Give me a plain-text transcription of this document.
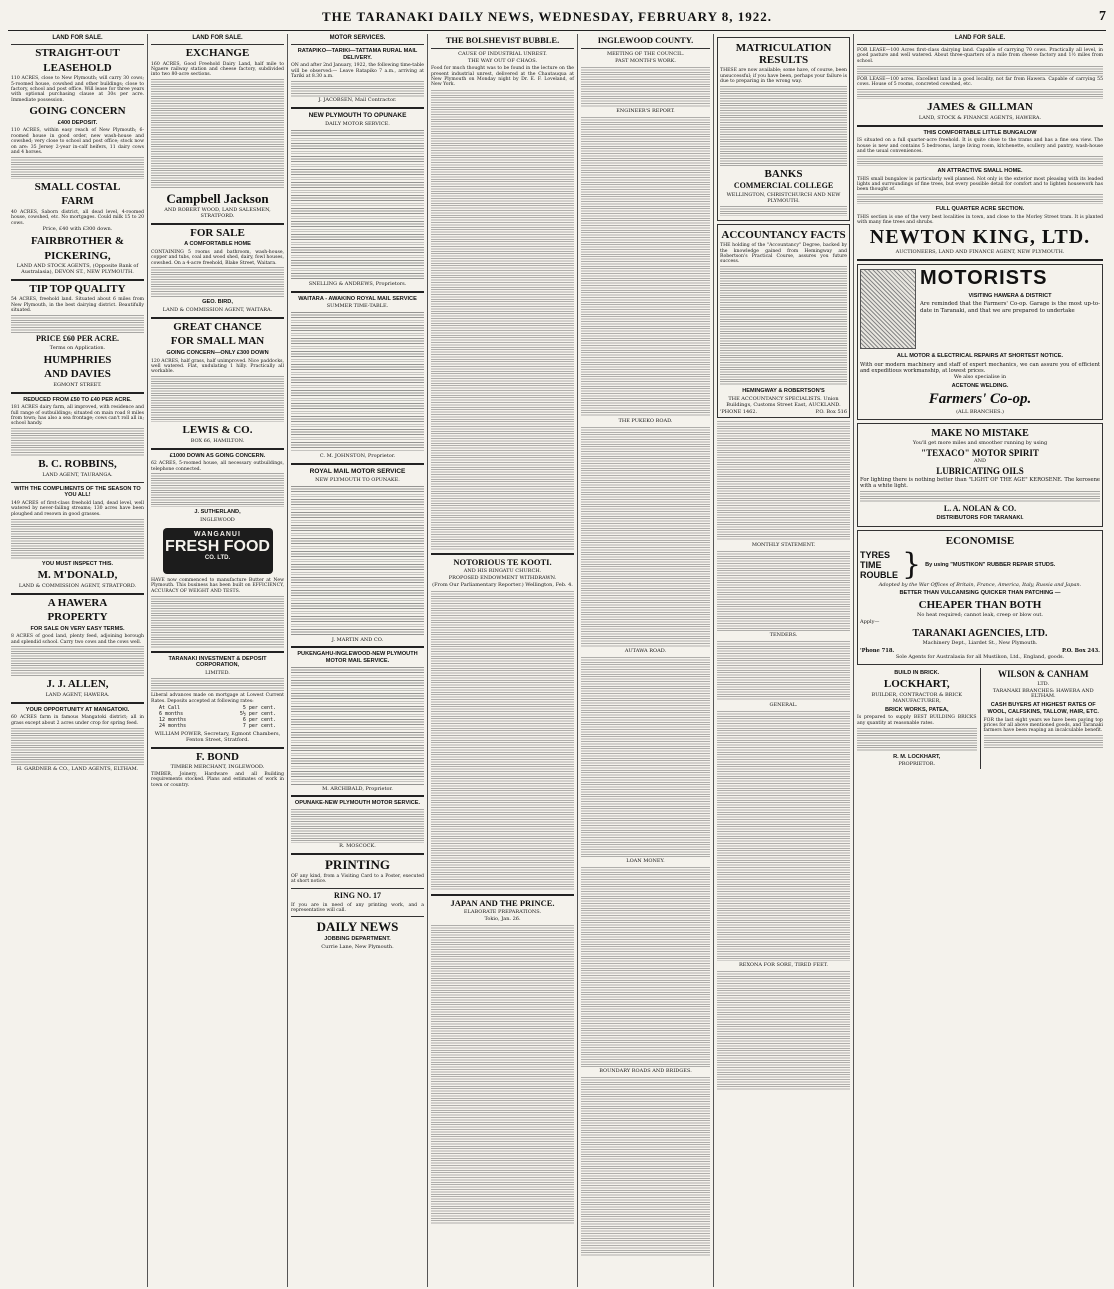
THE TARANAKI DAILY NEWS, WEDNESDAY, FEBRUARY 8, 1922.	7
LAND FOR SALE.
STRAIGHT-OUT
LEASEHOLD
110 ACRES, close to New Plymouth; will carry 30 cows; 5-roomed house, cowshed and other buildings; close to factory, school and post office. Will lease for three years with optional purchasing clause at 30s per acre. Immediate possession.
GOING CONCERN
£400 DEPOSIT.
110 ACRES, within easy reach of New Plymouth; 6-roomed house in good order, new wash-house and cowshed; very close to school and post office; stock now on are: 35 Jersey 2-year in-calf heifers, 11 dairy cows and 4 horses.
SMALL COSTAL
FARM
40 ACRES, Saborn district, all dead level, 4-roomed house, cowshed, etc. No mortgages. Could milk 15 to 20 cows.
Price, £40 with £300 down.
FAIRBROTHER &
PICKERING,
LAND AND STOCK AGENTS, (Opposite Bank of Australasia), DEVON ST., NEW PLYMOUTH.
TIP TOP QUALITY
54 ACRES, freehold land. Situated about 6 miles from New Plymouth, in the best dairying district. Beautifully situated.
PRICE £60 PER ACRE.
Terms on Application.
HUMPHRIES
AND DAVIES
EGMONT STREET.
REDUCED FROM £50 TO £40 PER ACRE.
181 ACRES dairy farm, all improved, with residence and full range of outbuildings; situated on main road 8 miles from town; has also a sea frontage; cows can't roll all in; school handy.
B. C. ROBBINS,
LAND AGENT, TAURANGA.
WITH THE COMPLIMENTS OF THE SEASON TO YOU ALL!
149 ACRES of first-class freehold land, dead level, well watered by never-failing streams; 130 acres have been ploughed and resown in good grasses.
YOU MUST INSPECT THIS.
M. M'DONALD,
LAND & COMMISSION AGENT, STRATFORD.
A HAWERA
PROPERTY
FOR SALE ON VERY EASY TERMS.
8 ACRES of good land, plenty feed, adjoining borough and splendid school. Carry two cows and the cows well.
J. J. ALLEN,
LAND AGENT, HAWERA.
YOUR OPPORTUNITY AT MANGATOKI.
60 ACRES farm in famous Mangatoki district; all in grass except about 2 acres under crop for spring feed.
H. GARDNER & CO., LAND AGENTS, ELTHAM.
LAND FOR SALE.
EXCHANGE
160 ACRES, Good Freehold Dairy Land, half mile to Ngaere railway station and cheese factory, subdivided into two 80-acre sections.
Campbell Jackson
AND ROBERT WOOD, LAND SALESMEN, STRATFORD.
FOR SALE
A COMFORTABLE HOME
CONTAINING 5 rooms and bathroom, wash-house, copper and tubs, coal and wood shed, dairy, fowl houses, cowshed. On a 4-acre freehold, Blake Street, Waitara.
GEO. BIRD,
LAND & COMMISSION AGENT, WAITARA.
GREAT CHANCE
FOR SMALL MAN
GOING CONCERN—ONLY £300 DOWN
120 ACRES, half grass, half unimproved. Nice paddocks, well watered. Flat, undulating 1 hilly. Practically all workable.
LEWIS & CO.
BOX 66, HAMILTON.
£1000 DOWN AS GOING CONCERN.
62 ACRES, 5-roomed house, all necessary outbuildings, telephone connected.
J. SUTHERLAND,
INGLEWOOD
WANGANUI
FRESH FOOD
CO. LTD.
HAVE now commenced to manufacture Butter at New Plymouth. This business has been built on EFFICIENCY, ACCURACY OF WEIGHT AND TESTS.
TARANAKI INVESTMENT & DEPOSIT CORPORATION,
LIMITED.
Liberal advances made on mortgage at Lowest Current Rates. Deposits accepted at following rates:
At Call	5 per cent.
6 months	5½ per cent.
12 months	6 per cent.
24 months	7 per cent.
WILLIAM POWER, Secretary, Egmont Chambers, Fenton Street, Stratford.
F. BOND
TIMBER MERCHANT, INGLEWOOD.
TIMBER, Joinery, Hardware and all Building requirements stocked. Plans and estimates of work in town or country.
MOTOR SERVICES.
RATAPIKO—TARIKI—TATTAMA RURAL MAIL DELIVERY.
ON and after 2nd January, 1922, the following time-table will be observed:— Leave Ratapiko 7 a.m., arriving at Tariki at 8.30 a.m.
J. JACOBSEN, Mail Contractor.
NEW PLYMOUTH TO OPUNAKE
DAILY MOTOR SERVICE.
SNELLING & ANDREWS, Proprietors.
WAITARA - AWAKINO ROYAL MAIL SERVICE
SUMMER TIME-TABLE.
C. M. JOHNSTON, Proprietor.
ROYAL MAIL MOTOR SERVICE
NEW PLYMOUTH TO OPUNAKE.
J. MARTIN AND CO.
PUKENGAHU-INGLEWOOD-NEW PLYMOUTH MOTOR MAIL SERVICE.
M. ARCHIBALD, Proprietor.
OPUNAKE-NEW PLYMOUTH MOTOR SERVICE.
R. MOSCOCK.
PRINTING
OF any kind, from a Visiting Card to a Poster, executed at short notice.
RING NO. 17
If you are in need of any printing work, and a representative will call.
DAILY NEWS
JOBBING DEPARTMENT.
Currie Lane, New Plymouth.
THE BOLSHEVIST BUBBLE.
CAUSE OF INDUSTRIAL UNREST.
THE WAY OUT OF CHAOS.
Food for much thought was to be found in the lecture on the present industrial unrest, delivered at the Chautauqua at New Plymouth on Monday night by Dr. E. F. Loveland, of New York.
NOTORIOUS TE KOOTI.
AND HIS RINGATU CHURCH.
PROPOSED ENDOWMENT WITHDRAWN.
(From Our Parliamentary Reporter.) Wellington, Feb. 4.
JAPAN AND THE PRINCE.
ELABORATE PREPARATIONS.
Tokio, Jan. 26.
INGLEWOOD COUNTY.
MEETING OF THE COUNCIL.
PAST MONTH'S WORK.
ENGINEER'S REPORT.
THE PUKEKO ROAD.
AUTAWA ROAD.
LOAN MONEY.
BOUNDARY ROADS AND BRIDGES.
MATRICULATION RESULTS
THESE are now available; some have, of course, been unsuccessful; if you have been, perhaps your failure is due to preparing in the wrong way.
BANKS
COMMERCIAL COLLEGE
WELLINGTON, CHRISTCHURCH AND NEW PLYMOUTH.
ACCOUNTANCY FACTS
THE holding of the "Accountancy" Degree, backed by the knowledge gained from Hemingway and Robertson's Practical Course, assures you future success.
HEMINGWAY & ROBERTSON'S
THE ACCOUNTANCY SPECIALISTS. Union Buildings, Customs Street East, AUCKLAND.
'PHONE 1462.	P.O. Box 516
MONTHLY STATEMENT.
TENDERS.
GENERAL.
REXONA FOR SORE, TIRED FEET.
LAND FOR SALE.
FOR LEASE—100 Acres first-class dairying land. Capable of carrying 70 cows. Practically all level, in good pasture and well watered. About three-quarters of a mile from cheese factory and 1½ miles from school.
FOR LEASE—100 acres. Excellent land in a good locality, not far from Hawera. Capable of carrying 55 cows. House of 5 rooms, concreted cowshed, etc.
JAMES & GILLMAN
LAND, STOCK & FINANCE AGENTS, HAWERA.
THIS COMFORTABLE LITTLE BUNGALOW
IS situated on a full quarter-acre freehold. It is quite close to the trams and has a fine sea view. The house is new and contains 5 bedrooms, large living room, kitchenette, scullery and pantry, wash-house and the usual conveniences.
AN ATTRACTIVE SMALL HOME.
THIS small bungalow is particularly well planned. Not only is the exterior most pleasing with its leaded lights and surroundings of fine trees, but every possible detail for comfort and to lighten housework has been thought of.
FULL QUARTER ACRE SECTION.
THIS section is one of the very best localities in town, and close to the Morley Street tram. It is planted with many fine trees and shrubs.
NEWTON KING, LTD.
AUCTIONEERS, LAND AND FINANCE AGENT, NEW PLYMOUTH.
MOTORISTS
VISITING HAWERA & DISTRICT
Are reminded that the Farmers' Co-op. Garage is the most up-to-date in Taranaki, and that we are prepared to undertake
ALL MOTOR & ELECTRICAL REPAIRS AT SHORTEST NOTICE.
With our modern machinery and staff of expert mechanics, we can assure you of efficient and expeditious workmanship, at lowest prices.
We also specialise in
ACETONE WELDING.
Farmers' Co-op.
(ALL BRANCHES.)
MAKE NO MISTAKE
You'll get more miles and smoother running by using
"TEXACO" MOTOR SPIRIT
AND
LUBRICATING OILS
For lighting there is nothing better than "LIGHT OF THE AGE" KEROSENE. The kerosene with a white light.
L. A. NOLAN & CO.
DISTRIBUTORS FOR TARANAKI.
ECONOMISE
TYRES
TIME
ROUBLE } By using "MUSTIKON" RUBBER REPAIR STUDS.
Adopted by the War Offices of Britain, France, America, Italy, Russia and Japan.
BETTER THAN VULCANISING QUICKER THAN PATCHING —
CHEAPER THAN BOTH
No heat required; cannot leak, creep or blow out.
Apply—
TARANAKI AGENCIES, LTD.
Machinery Dept., Liardet St., New Plymouth.
'Phone 718.	P.O. Box 243.
Sole Agents for Australasia for all Mustikon, Ltd., England, goods.
BUILD IN BRICK.
LOCKHART,
BUILDER, CONTRACTOR & BRICK MANUFACTURER,
BRICK WORKS, PATEA,
Is prepared to supply BEST BUILDING BRICKS any quantity at reasonable rates.
R. M. LOCKHART,
PROPRIETOR.
WILSON & CANHAM
LTD.
TARANAKI BRANCHES: HAWERA AND ELTHAM.
CASH BUYERS AT HIGHEST RATES OF WOOL, CALFSKINS, TALLOW, HAIR, ETC.
FOR the last eight years we have been paying top prices for all above mentioned goods, and Taranaki farmers have been reaping an incalculable benefit.
